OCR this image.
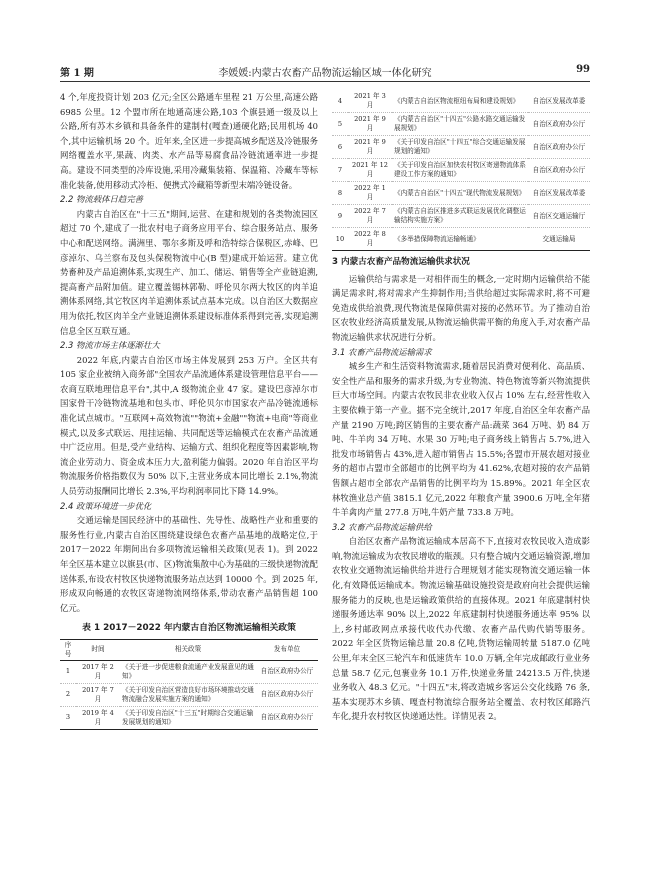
第 1 期	李媛媛:内蒙古农畜产品物流运输区域一体化研究	99

4 个,年度投资计划 203 亿元;全区公路通车里程 21 万公里,高速公路 6985 公里。12 个盟市所在地通高速公路,103 个旗县通一级及以上公路,所有苏木乡镇和具备条件的建制村(嘎查)通硬化路;民用机场 40 个,其中运输机场 20 个。近年来,全区进一步提高城乡配送及冷链服务网络覆盖水平,果蔬、肉类、水产品等易腐食品冷链流通率进一步提高。建设不同类型的冷库设施,采用冷藏集装箱、保温箱、冷藏车等标准化装备,使用移动式冷柜、便携式冷藏箱等新型末端冷链设备。

2.2 物流载体日趋完善

内蒙古自治区在"十三五"期间,运营、在建和规划的各类物流园区超过 70 个,建成了一批农村电子商务应用平台、综合服务站点、服务中心和配送网络。满洲里、鄂尔多斯及呼和浩特综合保税区,赤峰、巴彦淖尔、乌兰察布及包头保税物流中心(B 型)建成开始运营。建立优势畜种及产品追溯体系,实现生产、加工、储运、销售等全产业链追溯,提高畜产品附加值。建立覆盖锡林郭勒、呼伦贝尔两大牧区的肉羊追溯体系网络,其它牧区肉羊追溯体系试点基本完成。以自治区大数据应用为依托,牧区肉羊全产业链追溯体系建设标准体系得到完善,实现追溯信息全区互联互通。

2.3 物流市场主体逐渐壮大

2022 年底,内蒙古自治区市场主体发展到 253 万户。全区共有 105 家企业被纳入商务部"全国农产品流通体系建设管理信息平台——农商互联地理信息平台",其中,A 级物流企业 47 家。建设巴彦淖尔市国家骨干冷链物流基地和包头市、呼伦贝尔市国家农产品冷链流通标准化试点城市。"互联网+高效物流""物流+金融""物流+电商"等商业模式,以及多式联运、甩挂运输、共同配送等运输模式在农畜产品流通中广泛应用。但是,受产业结构、运输方式、组织化程度等因素影响,物流企业劳动力、资金成本压力大,盈利能力偏弱。2020 年自治区平均物流服务价格指数仅为 50% 以下,主营业务成本同比增长 2.1%,物流人员劳动报酬同比增长 2.3%,平均利润率同比下降 14.9%。

2.4 政策环境进一步优化

交通运输是国民经济中的基础性、先导性、战略性产业和重要的服务性行业,内蒙古自治区围绕建设绿色农畜产品基地的战略定位,于 2017－2022 年期间出台多项物流运输相关政策(见表 1)。到 2022 年全区基本建立以旗县(市、区)物流集散中心为基础的三级快递物流配送体系,布设农村牧区快递物流服务站点达到 10000 个。到 2025 年,形成双向畅通的农牧区寄递物流网络体系,带动农畜产品销售超 100 亿元。

表 1 2017－2022 年内蒙古自治区物流运输相关政策
序号	时间	相关政策	发布单位
1	2017 年 2 月	《关于进一步促进粮食流通产业发展意见的通知》	自治区政府办公厅
2	2017 年 7 月	《关于印发自治区营造良好市场环境推动交通物流融合发展实施方案的通知》	自治区政府办公厅
3	2019 年 4 月	《关于印发自治区"十三五"时期综合交通运输发展规划的通知》	自治区政府办公厅
4	2021 年 3 月	《内蒙古自治区物流枢纽布局和建设规划》	自治区发展改革委
5	2021 年 9 月	《内蒙古自治区"十四五"公路水路交通运输发展规划》	自治区政府办公厅
6	2021 年 9 月	《关于印发自治区"十四五"综合交通运输发展规划的通知》	自治区政府办公厅
7	2021 年 12 月	《关于印发自治区加快农村牧区寄递物流体系建设工作方案的通知》	自治区政府办公厅
8	2022 年 1 月	《内蒙古自治区"十四五"现代物流发展规划》	自治区发展改革委
9	2022 年 7 月	《内蒙古自治区推进多式联运发展优化调整运输结构实施方案》	自治区交通运输厅
10	2022 年 8 月	《多举措保障物流运输畅通》	交通运输局
3 内蒙古农畜产品物流运输供求状况

运输供给与需求是一对相伴而生的概念,一定时期内运输供给不能满足需求时,将对需求产生抑制作用;当供给超过实际需求时,将不可避免造成供给浪费,现代物流是保障供需对接的必然环节。为了推动自治区农牧业经济高质量发展,从物流运输供需平衡的角度入手,对农畜产品物流运输供求状况进行分析。

3.1 农畜产品物流运输需求

城乡生产和生活资料物流需求,随着居民消费对便利化、高品质、安全性产品和服务的需求升级,为专业物流、特色物流等新兴物流提供巨大市场空间。内蒙古农牧民非农业收入仅占 10% 左右,经营性收入主要依赖于第一产业。据不完全统计,2017 年度,自治区全年农畜产品产量 2190 万吨;跨区销售的主要农畜产品:蔬菜 364 万吨、奶 84 万吨、牛羊肉 34 万吨、水果 30 万吨;电子商务线上销售占 5.7%,进入批发市场销售占 43%,进入超市销售占 15.5%;各盟市开展农超对接业务的超市占盟市全部超市的比例平均为 41.62%,农超对接的农产品销售额占超市全部农产品销售的比例平均为 15.89%。2021 年全区农林牧渔业总产值 3815.1 亿元,2022 年粮食产量 3900.6 万吨,全年猪牛羊禽肉产量 277.8 万吨,牛奶产量 733.8 万吨。

3.2 农畜产品物流运输供给

自治区农畜产品物流运输成本居高不下,直接对农牧民收入造成影响,物流运输成为农牧民增收的瓶颈。只有整合城内交通运输资源,增加农牧业交通物流运输供给并进行合理规划才能实现物流交通运输一体化,有效降低运输成本。物流运输基础设施投资是政府向社会提供运输服务能力的反映,也是运输政策供给的直接体现。2021 年底建制村快递服务通达率 90% 以上,2022 年底建制村快递服务通达率 95% 以上,乡村邮政网点承接代收代办代缴、农畜产品代购代销等服务。2022 年全区货物运输总量 20.8 亿吨,货物运输周转量 5187.0 亿吨公里,年末全区三轮汽车和低速货车 10.0 万辆,全年完成邮政行业业务总量 58.7 亿元,包裹业务 10.1 万件,快递业务量 24213.5 万件,快递业务收入 48.3 亿元。"十四五"末,将改造城乡客运公交化线路 76 条,基本实现苏木乡镇、嘎查村物流综合服务站全覆盖、农村牧区邮路汽车化,提升农村牧区快递通达性。详情见表 2。
